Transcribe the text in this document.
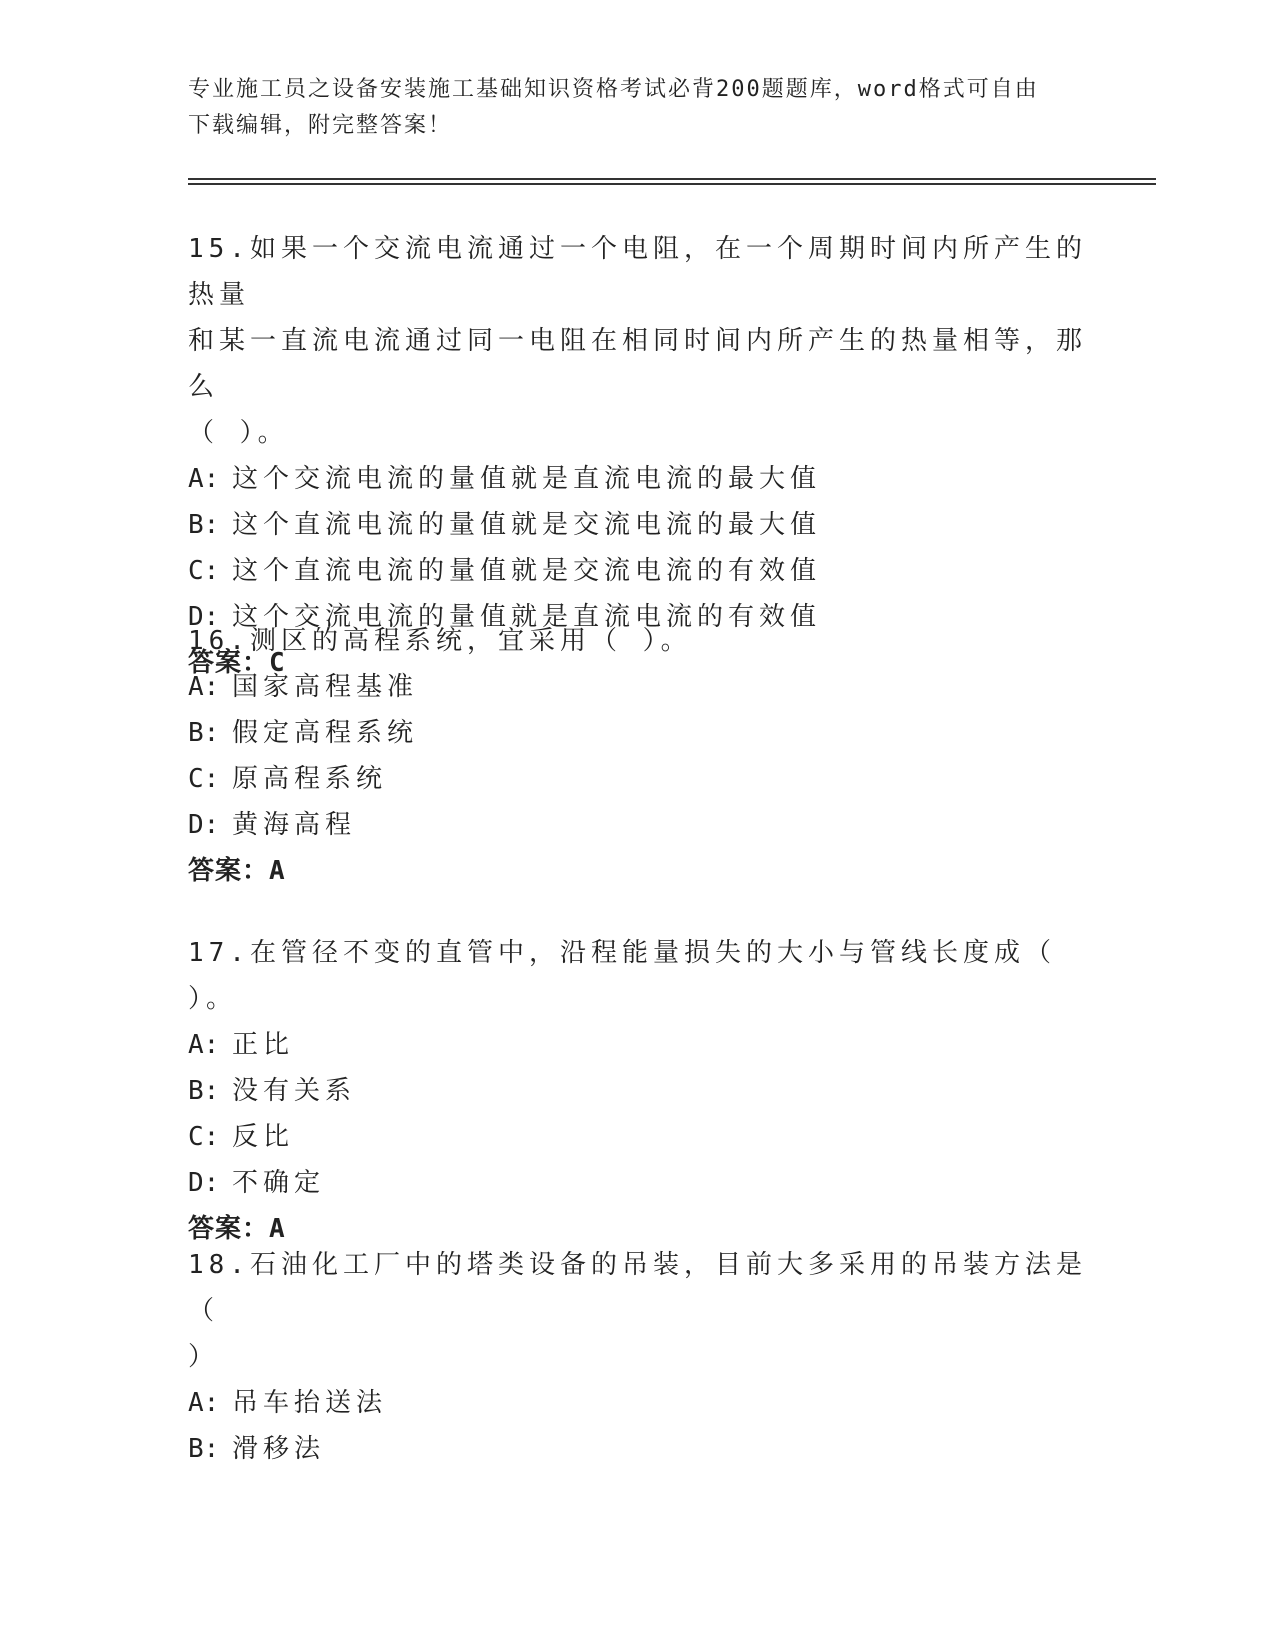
专业施工员之设备安装施工基础知识资格考试必背200题题库，word格式可自由
下载编辑，附完整答案！
15.如果一个交流电流通过一个电阻，在一个周期时间内所产生的热量
和某一直流电流通过同一电阻在相同时间内所产生的热量相等，那么
（ ）。
A: 这个交流电流的量值就是直流电流的最大值
B: 这个直流电流的量值就是交流电流的最大值
C: 这个直流电流的量值就是交流电流的有效值
D: 这个交流电流的量值就是直流电流的有效值
答案：C
16.测区的高程系统，宜采用（ ）。
A: 国家高程基准
B: 假定高程系统
C: 原高程系统
D: 黄海高程
答案：A
17.在管径不变的直管中，沿程能量损失的大小与管线长度成（ ）。
A: 正比
B: 没有关系
C: 反比
D: 不确定
答案：A
18.石油化工厂中的塔类设备的吊装，目前大多采用的吊装方法是（
）
A: 吊车抬送法
B: 滑移法
